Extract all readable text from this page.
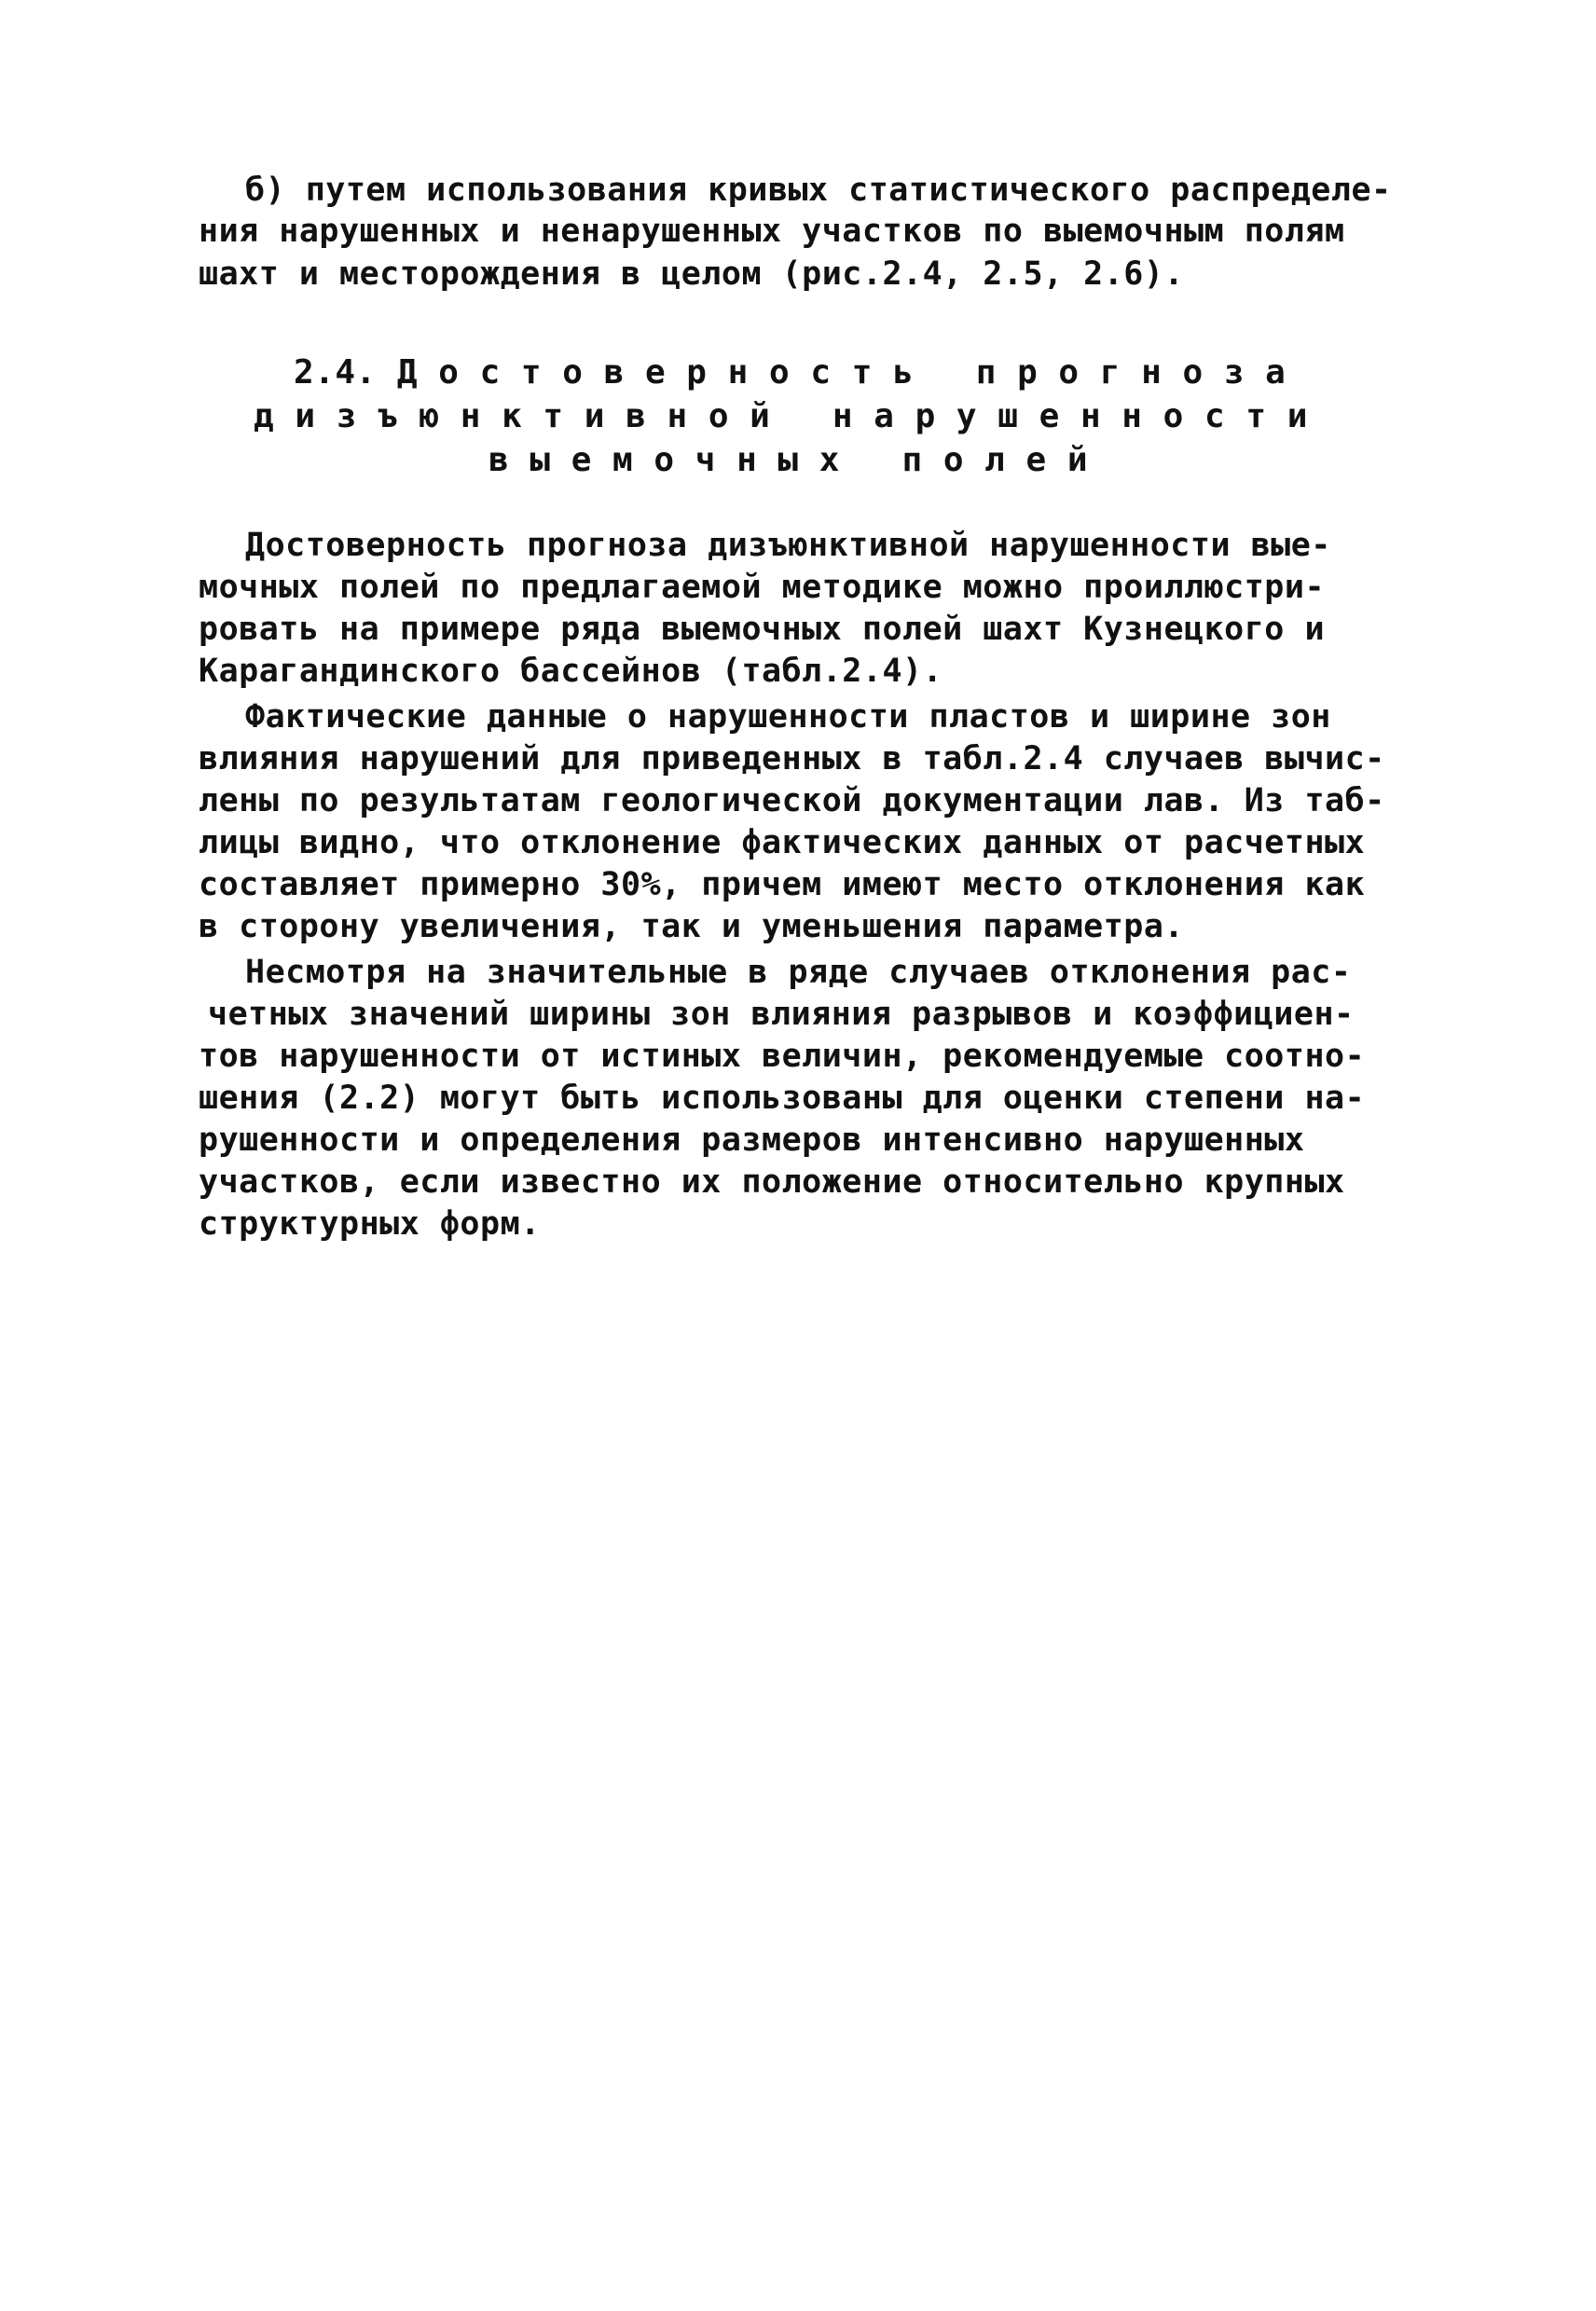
б) путем использования кривых статистического распределе-
ния нарушенных и ненарушенных участков по выемочным полям
шахт и месторождения в целом (рис.2.4, 2.5, 2.6).
2.4. Д о с т о в е р н о с т ь   п р о г н о з а
д и з ъ ю н к т и в н о й   н а р у ш е н н о с т и
в ы е м о ч н ы х   п о л е й
Достоверность прогноза дизъюнктивной нарушенности вые-
мочных полей по предлагаемой методике можно проиллюстри-
ровать на примере ряда выемочных полей шахт Кузнецкого и
Карагандинского бассейнов (табл.2.4).
Фактические данные о нарушенности пластов и ширине зон
влияния нарушений для приведенных в табл.2.4 случаев вычис-
лены по результатам геологической документации лав. Из таб-
лицы видно, что отклонение фактических данных от расчетных
составляет примерно 30%, причем имеют место отклонения как
в сторону увеличения, так и уменьшения параметра.
Несмотря на значительные в ряде случаев отклонения рас-
четных значений ширины зон влияния разрывов и коэффициен-
тов нарушенности от истиных величин, рекомендуемые соотно-
шения (2.2) могут быть использованы для оценки степени на-
рушенности и определения размеров интенсивно нарушенных
участков, если известно их положение относительно крупных
структурных форм.
